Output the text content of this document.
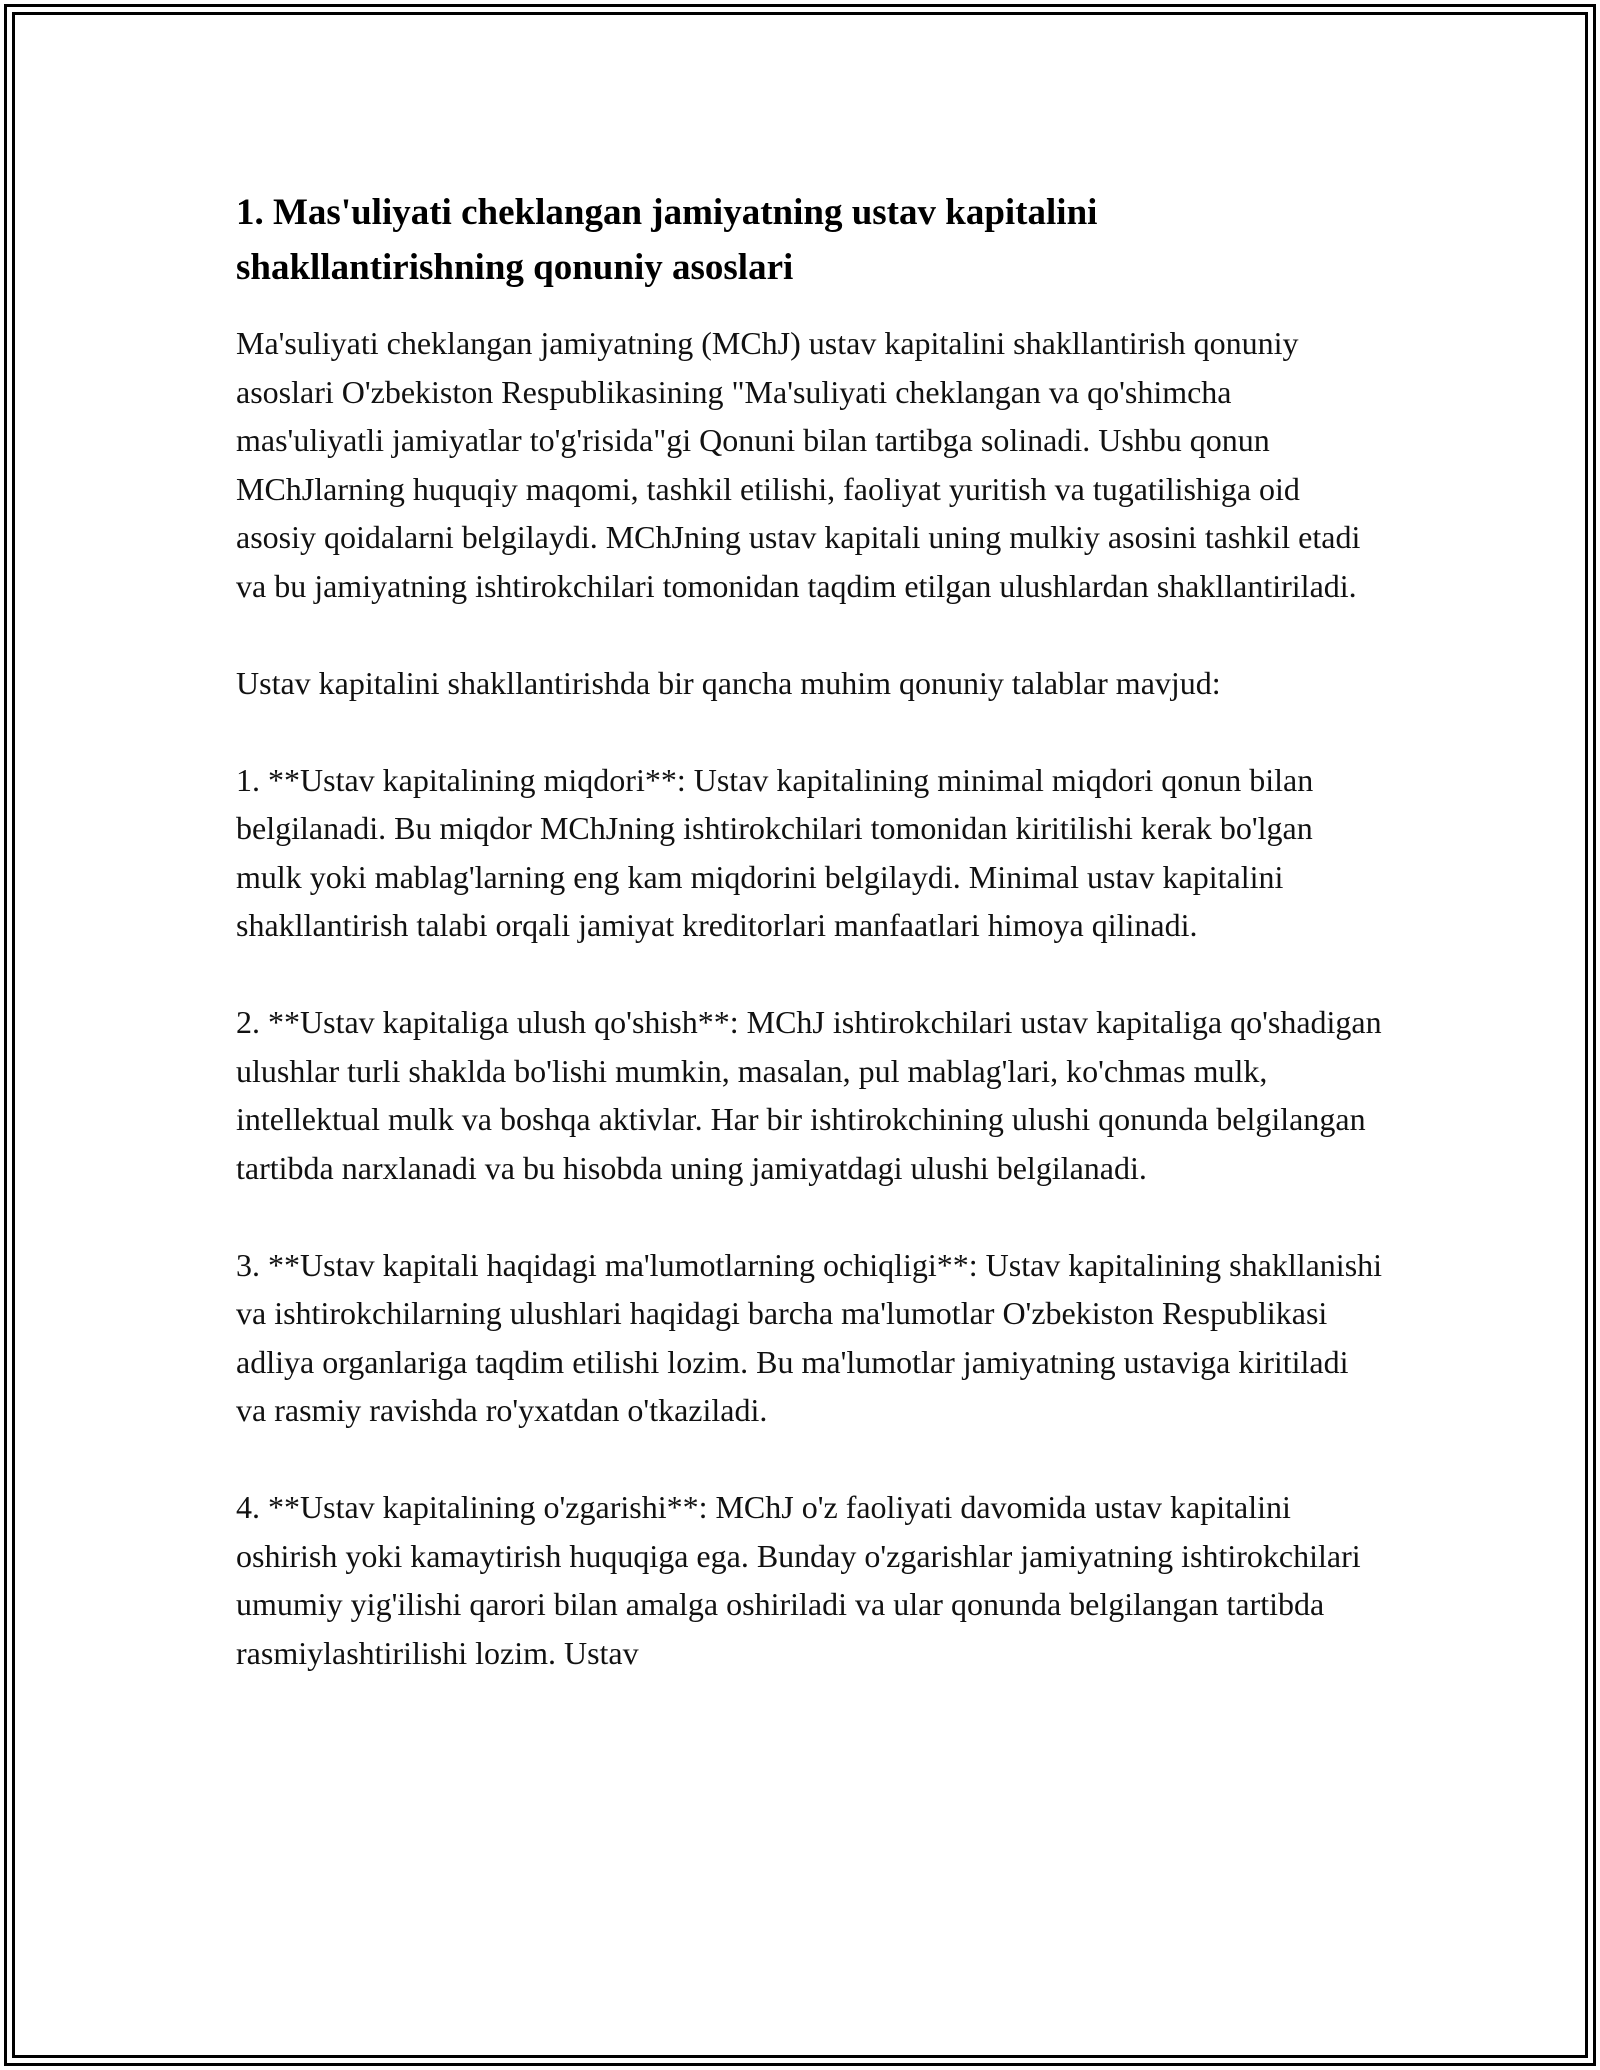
1. Mas'uliyati cheklangan jamiyatning ustav kapitalini shakllantirishning qonuniy asoslari

Ma'suliyati cheklangan jamiyatning (MChJ) ustav kapitalini shakllantirish qonuniy asoslari O'zbekiston Respublikasining "Ma'suliyati cheklangan va qo'shimcha mas'uliyatli jamiyatlar to'g'risida"gi Qonuni bilan tartibga solinadi. Ushbu qonun MChJlarning huquqiy maqomi, tashkil etilishi, faoliyat yuritish va tugatilishiga oid asosiy qoidalarni belgilaydi. MChJning ustav kapitali uning mulkiy asosini tashkil etadi va bu jamiyatning ishtirokchilari tomonidan taqdim etilgan ulushlardan shakllantiriladi.

Ustav kapitalini shakllantirishda bir qancha muhim qonuniy talablar mavjud:

1. **Ustav kapitalining miqdori**: Ustav kapitalining minimal miqdori qonun bilan belgilanadi. Bu miqdor MChJning ishtirokchilari tomonidan kiritilishi kerak bo'lgan mulk yoki mablag'larning eng kam miqdorini belgilaydi. Minimal ustav kapitalini shakllantirish talabi orqali jamiyat kreditorlari manfaatlari himoya qilinadi.

2. **Ustav kapitaliga ulush qo'shish**: MChJ ishtirokchilari ustav kapitaliga qo'shadigan ulushlar turli shaklda bo'lishi mumkin, masalan, pul mablag'lari, ko'chmas mulk, intellektual mulk va boshqa aktivlar. Har bir ishtirokchining ulushi qonunda belgilangan tartibda narxlanadi va bu hisobda uning jamiyatdagi ulushi belgilanadi.

3. **Ustav kapitali haqidagi ma'lumotlarning ochiqligi**: Ustav kapitalining shakllanishi va ishtirokchilarning ulushlari haqidagi barcha ma'lumotlar O'zbekiston Respublikasi adliya organlariga taqdim etilishi lozim. Bu ma'lumotlar jamiyatning ustaviga kiritiladi va rasmiy ravishda ro'yxatdan o'tkaziladi.

4. **Ustav kapitalining o'zgarishi**: MChJ o'z faoliyati davomida ustav kapitalini oshirish yoki kamaytirish huquqiga ega. Bunday o'zgarishlar jamiyatning ishtirokchilari umumiy yig'ilishi qarori bilan amalga oshiriladi va ular qonunda belgilangan tartibda rasmiylashtirilishi lozim. Ustav
